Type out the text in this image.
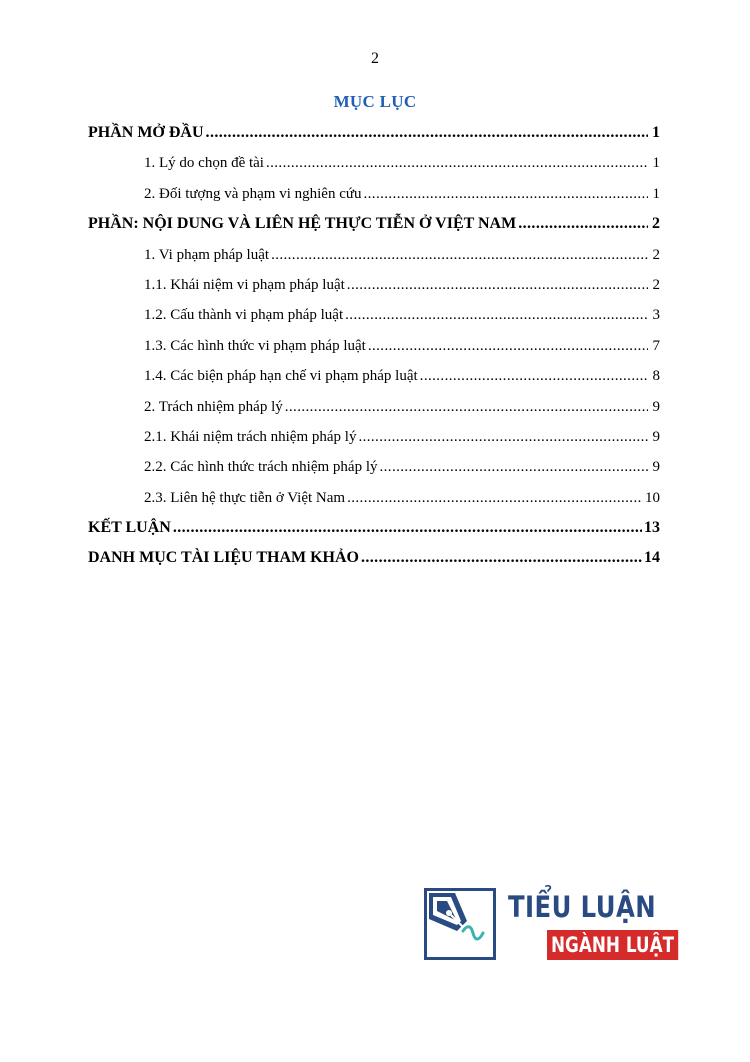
2
MỤC LỤC
PHẦN MỞ ĐẦU .....	1
1. Lý do chọn đề tài .....	1
2. Đối tượng và phạm vi nghiên cứu .....	1
PHẦN: NỘI DUNG VÀ LIÊN HỆ THỰC TIỄN Ở VIỆT NAM .....	2
1. Vi phạm pháp luật .....	2
1.1. Khái niệm vi phạm pháp luật .....	2
1.2. Cấu thành vi phạm pháp luật .....	3
1.3. Các hình thức vi phạm pháp luật .....	7
1.4. Các biện pháp hạn chế vi phạm pháp luật .....	8
2. Trách nhiệm pháp lý .....	9
2.1. Khái niệm trách nhiệm pháp lý .....	9
2.2. Các hình thức trách nhiệm pháp lý .....	9
2.3. Liên hệ thực tiễn ở Việt Nam .....	10
KẾT LUẬN .....	13
DANH MỤC TÀI LIỆU THAM KHẢO .....	14
TIỂU LUẬN
NGÀNH LUẬT
